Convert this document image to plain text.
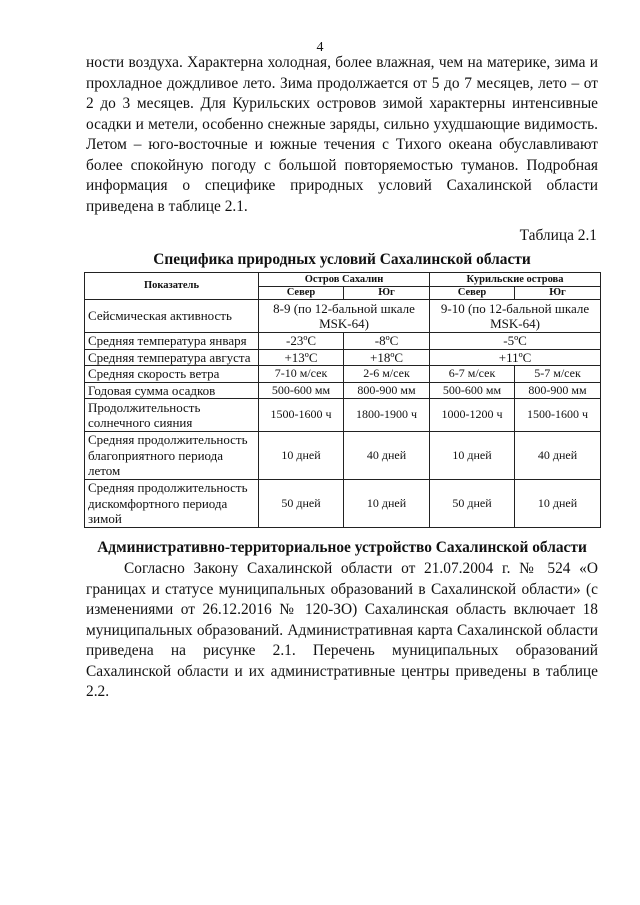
4

ности воздуха. Характерна холодная, более влажная, чем на материке, зима и прохладное дождливое лето. Зима продолжается от 5 до 7 месяцев, лето – от 2 до 3 месяцев. Для Курильских островов зимой характерны интенсивные осадки и метели, особенно снежные заряды, сильно ухудшающие видимость. Летом – юго-восточные и южные течения с Тихого океана обуславливают более спокойную погоду с большой повторяемостью туманов. Подробная информация о специфике природных условий Сахалинской области приведена в таблице 2.1.

Таблица 2.1
Специфика природных условий Сахалинской области
Показатель	Остров Сахалин		Курильские острова	
	Север	Юг	Север	Юг
Сейсмическая активность	8-9 (по 12-бальной шкале MSK-64)		9-10 (по 12-бальной шкале MSK-64)	
Средняя температура января	-23ºС	-8ºС	-5ºС	
Средняя температура августа	+13ºС	+18ºС	+11ºС	
Средняя скорость ветра	7-10 м/сек	2-6 м/сек	6-7 м/сек	5-7 м/сек
Годовая сумма осадков	500-600 мм	800-900 мм	500-600 мм	800-900 мм
Продолжительность солнечного сияния	1500-1600 ч	1800-1900 ч	1000-1200 ч	1500-1600 ч
Средняя продолжительность благоприятного периода летом	10 дней	40 дней	10 дней	40 дней
Средняя продолжительность дискомфортного периода зимой	50 дней	10 дней	50 дней	10 дней
Административно-территориальное устройство Сахалинской области

Согласно Закону Сахалинской области от 21.07.2004 г. № 524 «О границах и статусе муниципальных образований в Сахалинской области» (с изменениями от 26.12.2016 № 120-ЗО) Сахалинская область включает 18 муниципальных образований. Административная карта Сахалинской области приведена на рисунке 2.1. Перечень муниципальных образований Сахалинской области и их административные центры приведены в таблице 2.2.
